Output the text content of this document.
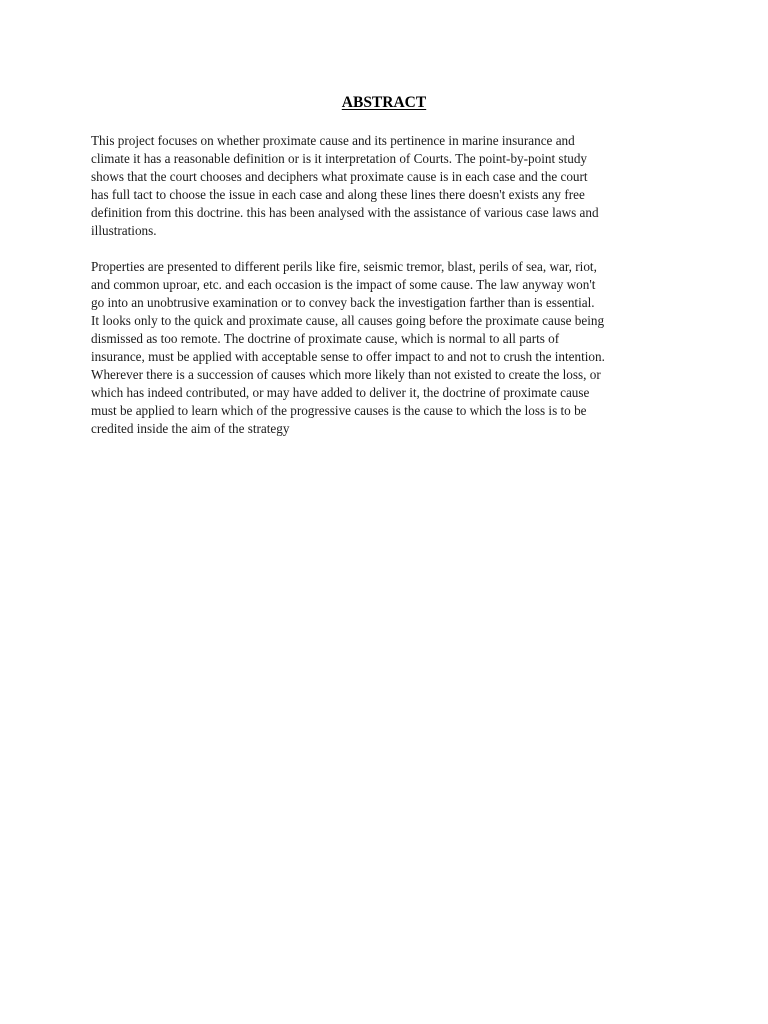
ABSTRACT
This project focuses on whether proximate cause and its pertinence in marine insurance and
climate it has a reasonable definition or is it interpretation of Courts. The point-by-point study
shows that the court chooses and deciphers what proximate cause is in each case and the court
has full tact to choose the issue in each case and along these lines there doesn't exists any free
definition from this doctrine. this has been analysed with the assistance of various case laws and
illustrations.
Properties are presented to different perils like fire, seismic tremor, blast, perils of sea, war, riot,
and common uproar, etc. and each occasion is the impact of some cause. The law anyway won't
go into an unobtrusive examination or to convey back the investigation farther than is essential.
It looks only to the quick and proximate cause, all causes going before the proximate cause being
dismissed as too remote. The doctrine of proximate cause, which is normal to all parts of
insurance, must be applied with acceptable sense to offer impact to and not to crush the intention.
Wherever there is a succession of causes which more likely than not existed to create the loss, or
which has indeed contributed, or may have added to deliver it, the doctrine of proximate cause
must be applied to learn which of the progressive causes is the cause to which the loss is to be
credited inside the aim of the strategy
